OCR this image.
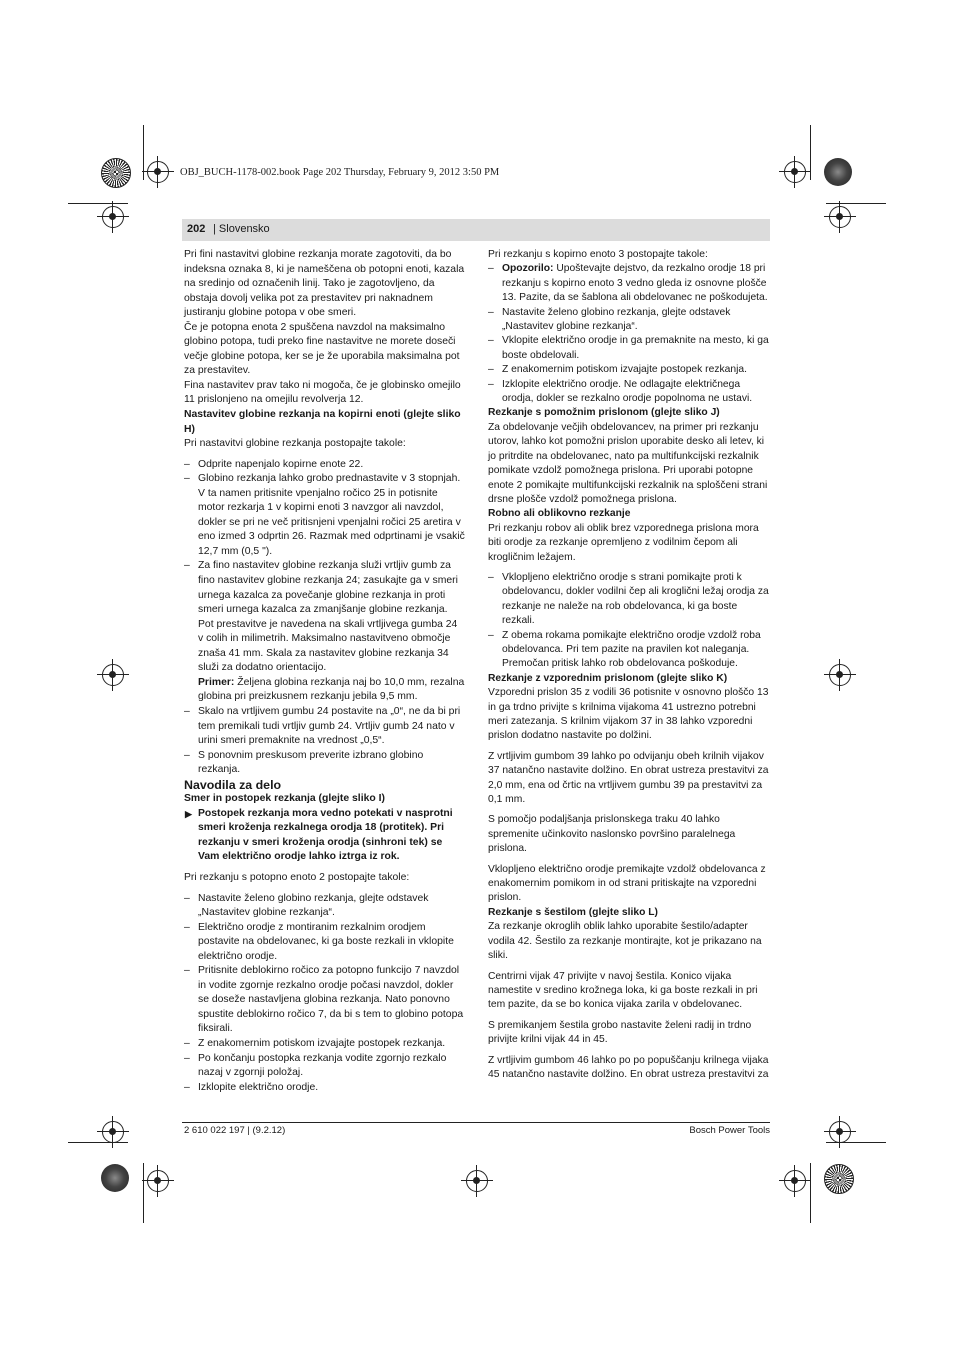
OBJ_BUCH-1178-002.book Page 202 Thursday, February 9, 2012 3:50 PM
202 | Slovensko

Pri fini nastavitvi globine rezkanja morate zagotoviti, da bo indeksna oznaka 8, ki je nameščena ob potopni enoti, kazala na sredinjo od označenih linij. Tako je zagotovljeno, da obstaja dovolj velika pot za prestavitev pri naknadnem justiranju globine potopa v obe smeri.

Če je potopna enota 2 spuščena navzdol na maksimalno globino potopa, tudi preko fine nastavitve ne morete doseči večje globine potopa, ker se je že uporabila maksimalna pot za prestavitev.

Fina nastavitev prav tako ni mogoča, če je globinsko omejilo 11 prislonjeno na omejilu revolverja 12.

Nastavitev globine rezkanja na kopirni enoti (glejte sliko H)

Pri nastavitvi globine rezkanja postopajte takole:

– Odprite napenjalo kopirne enote 22.
– Globino rezkanja lahko grobo prednastavite v 3 stopnjah. V ta namen pritisnite vpenjalno ročico 25 in potisnite motor rezkarja 1 v kopirni enoti 3 navzgor ali navzdol, dokler se pri ne več pritisnjeni vpenjalni ročici 25 aretira v eno izmed 3 odprtin 26. Razmak med odprtinami je vsakič 12,7 mm (0,5 ").
– Za fino nastavitev globine rezkanja služi vrtljiv gumb za fino nastavitev globine rezkanja 24; zasukajte ga v smeri urnega kazalca za povečanje globine rezkanja in proti smeri urnega kazalca za zmanjšanje globine rezkanja. Pot prestavitve je navedena na skali vrtljivega gumba 24 v colih in milimetrih. Maksimalno nastavitveno območje znaša 41 mm. Skala za nastavitev globine rezkanja 34 služi za dodatno orientacijo.

Primer: Željena globina rezkanja naj bo 10,0 mm, rezalna globina pri preizkusnem rezkanju jebila 9,5 mm.

– Skalo na vrtljivem gumbu 24 postavite na „0“, ne da bi pri tem premikali tudi vrtljiv gumb 24. Vrtljiv gumb 24 nato v urini smeri premaknite na vrednost „0,5“.
– S ponovnim preskusom preverite izbrano globino rezkanja.

Navodila za delo

Smer in postopek rezkanja (glejte sliko I)

▶ Postopek rezkanja mora vedno potekati v nasprotni smeri kroženja rezkalnega orodja 18 (protitek). Pri rezkanju v smeri kroženja orodja (sinhroni tek) se Vam električno orodje lahko iztrga iz rok.

Pri rezkanju s potopno enoto 2 postopajte takole:

– Nastavite želeno globino rezkanja, glejte odstavek „Nastavitev globine rezkanja“.
– Električno orodje z montiranim rezkalnim orodjem postavite na obdelovanec, ki ga boste rezkali in vklopite električno orodje.
– Pritisnite deblokirno ročico za potopno funkcijo 7 navzdol in vodite zgornje rezkalno orodje počasi navzdol, dokler se doseže nastavljena globina rezkanja. Nato ponovno spustite deblokirno ročico 7, da bi s tem to globino potopa fiksirali.
– Z enakomernim potiskom izvajajte postopek rezkanja.
– Po končanju postopka rezkanja vodite zgornjo rezkalo nazaj v zgornji položaj.
– Izklopite električno orodje.

Pri rezkanju s kopirno enoto 3 postopajte takole:

– Opozorilo: Upoštevajte dejstvo, da rezkalno orodje 18 pri rezkanju s kopirno enoto 3 vedno gleda iz osnovne plošče 13. Pazite, da se šablona ali obdelovanec ne poškodujeta.
– Nastavite želeno globino rezkanja, glejte odstavek „Nastavitev globine rezkanja“.
– Vklopite električno orodje in ga premaknite na mesto, ki ga boste obdelovali.
– Z enakomernim potiskom izvajajte postopek rezkanja.
– Izklopite električno orodje. Ne odlagajte električnega orodja, dokler se rezkalno orodje popolnoma ne ustavi.

Rezkanje s pomožnim prislonom (glejte sliko J)

Za obdelovanje večjih obdelovancev, na primer pri rezkanju utorov, lahko kot pomožni prislon uporabite desko ali letev, ki jo pritrdite na obdelovanec, nato pa multifunkcijski rezkalnik pomikate vzdolž pomožnega prislona. Pri uporabi potopne enote 2 pomikajte multifunkcijski rezkalnik na sploščeni strani drsne plošče vzdolž pomožnega prislona.

Robno ali oblikovno rezkanje

Pri rezkanju robov ali oblik brez vzporednega prislona mora biti orodje za rezkanje opremljeno z vodilnim čepom ali krogličnim ležajem.

– Vklopljeno električno orodje s strani pomikajte proti k obdelovancu, dokler vodilni čep ali kroglični ležaj orodja za rezkanje ne naleže na rob obdelovanca, ki ga boste rezkali.
– Z obema rokama pomikajte električno orodje vzdolž roba obdelovanca. Pri tem pazite na pravilen kot naleganja. Premočan pritisk lahko rob obdelovanca poškoduje.

Rezkanje z vzporednim prislonom (glejte sliko K)

Vzporedni prislon 35 z vodili 36 potisnite v osnovno ploščo 13 in ga trdno privijte s krilnima vijakoma 41 ustrezno potrebni meri zatezanja. S krilnim vijakom 37 in 38 lahko vzporedni prislon dodatno nastavite po dolžini.

Z vrtljivim gumbom 39 lahko po odvijanju obeh krilnih vijakov 37 natančno nastavite dolžino. En obrat ustreza prestavitvi za 2,0 mm, ena od črtic na vrtljivem gumbu 39 pa prestavitvi za 0,1 mm.

S pomočjo podaljšanja prislonskega traku 40 lahko spremenite učinkovito naslonsko površino paralelnega prislona.

Vklopljeno električno orodje premikajte vzdolž obdelovanca z enakomernim pomikom in od strani pritiskajte na vzporedni prislon.

Rezkanje s šestilom (glejte sliko L)

Za rezkanje okroglih oblik lahko uporabite šestilo/adapter vodila 42. Šestilo za rezkanje montirajte, kot je prikazano na sliki.

Centrirni vijak 47 privijte v navoj šestila. Konico vijaka namestite v sredino krožnega loka, ki ga boste rezkali in pri tem pazite, da se bo konica vijaka zarila v obdelovanec.

S premikanjem šestila grobo nastavite želeni radij in trdno privijte krilni vijak 44 in 45.

Z vrtljivim gumbom 46 lahko po po popuščanju krilnega vijaka 45 natančno nastavite dolžino. En obrat ustreza prestavitvi za

2 610 022 197 | (9.2.12)	Bosch Power Tools
